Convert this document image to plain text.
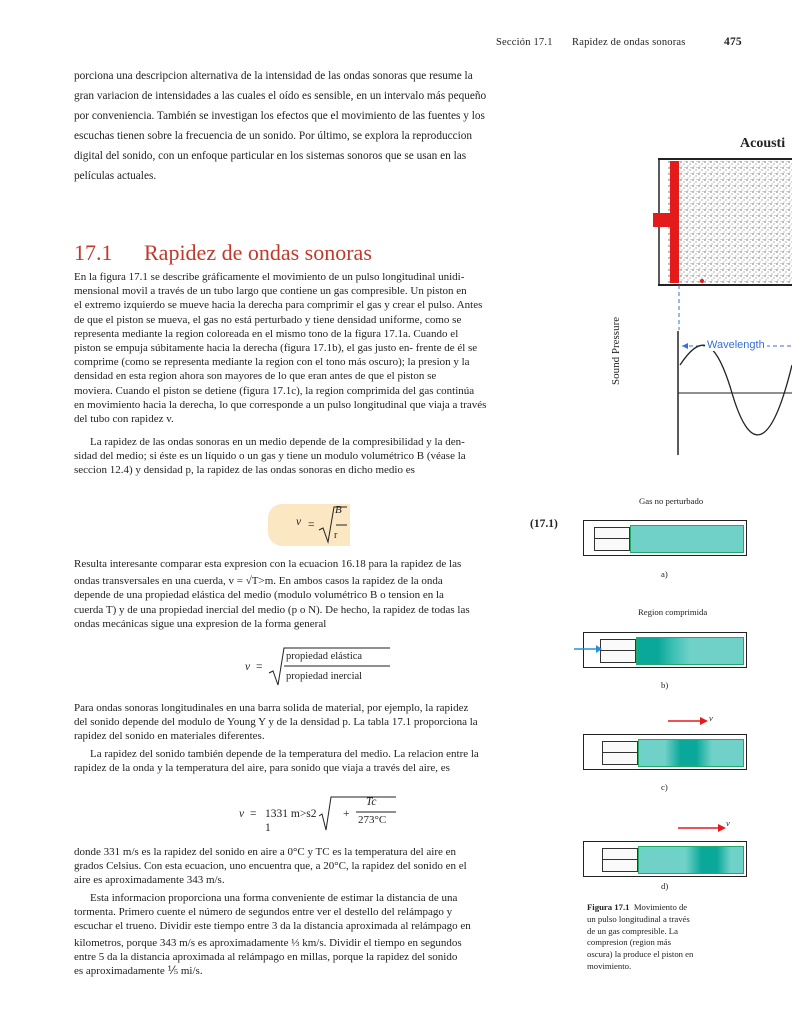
Sección 17.1 Rapidez de ondas sonoras	475
porciona una descripcion alternativa de la intensidad de las ondas sonoras que resume la
gran variacion de intensidades a las cuales el oído es sensible, en un intervalo más pequeño
por conveniencia. También se investigan los efectos que el movimiento de las fuentes y los
escuchas tienen sobre la frecuencia de un sonido. Por último, se explora la reproduccion
digital del sonido, con un enfoque particular en los sistemas sonoros que se usan en las
películas actuales.
17.1 Rapidez de ondas sonoras
En la figura 17.1 se describe gráficamente el movimiento de un pulso longitudinal unidi-
mensional movil a través de un tubo largo que contiene un gas compresible. Un piston en
el extremo izquierdo se mueve hacia la derecha para comprimir el gas y crear el pulso. Antes
de que el piston se mueva, el gas no está perturbado y tiene densidad uniforme, como se
representa mediante la region coloreada en el mismo tono de la figura 17.1a. Cuando el
piston se empuja súbitamente hacia la derecha (figura 17.1b), el gas justo en- frente de él se
comprime (como se representa mediante la region con el tono más oscuro); la presion y la
densidad en esta region ahora son mayores de lo que eran antes de que el piston se
moviera. Cuando el piston se detiene (figura 17.1c), la region comprimida del gas continúa
en movimiento hacia la derecha, lo que corresponde a un pulso longitudinal que viaja a través
del tubo con rapidez v.
La rapidez de las ondas sonoras en un medio depende de la compresibilidad y la den-
sidad del medio; si éste es un líquido o un gas y tiene un modulo volumétrico B (véase la
seccion 12.4) y densidad p, la rapidez de las ondas sonoras en dicho medio es
v =
B
r
(17.1)
Resulta interesante comparar esta expresion con la ecuacion 16.18 para la rapidez de las
ondas transversales en una cuerda, v = √T>m. En ambos casos la rapidez de la onda
depende de una propiedad elástica del medio (modulo volumétrico B o tension en la
cuerda T) y de una propiedad inercial del medio (p o N). De hecho, la rapidez de todas las
ondas mecánicas sigue una expresion de la forma general
v =
propiedad elástica
propiedad inercial
Para ondas sonoras longitudinales en una barra solida de material, por ejemplo, la rapidez
del sonido depende del modulo de Young Y y de la densidad p. La tabla 17.1 proporciona la
rapidez del sonido en materiales diferentes.
La rapidez del sonido también depende de la temperatura del medio. La relacion entre la
rapidez de la onda y la temperatura del aire, para sonido que viaja a través del aire, es
v = 1331 m>s2
1
+
Tc
273°C
donde 331 m/s es la rapidez del sonido en aire a 0°C y TC es la temperatura del aire en
grados Celsius. Con esta ecuacion, uno encuentra que, a 20°C, la rapidez del sonido en el
aire es aproximadamente 343 m/s.
Esta informacion proporciona una forma conveniente de estimar la distancia de una
tormenta. Primero cuente el número de segundos entre ver el destello del relámpago y
escuchar el trueno. Dividir este tiempo entre 3 da la distancia aproximada al relámpago en
kilometros, porque 343 m/s es aproximadamente ⅓ km/s. Dividir el tiempo en segundos
entre 5 da la distancia aproximada al relámpago en millas, porque la rapidez del sonido
es aproximadamente ⅕ mi/s.
Acousti
Wavelength
Sound Pressure
Gas no perturbado
a)
Region comprimida
b)
v
c)
v
d)
Figura 17.1 Movimiento de
un pulso longitudinal a través
de un gas compresible. La
compresion (region más
oscura) la produce el piston en
movimiento.
